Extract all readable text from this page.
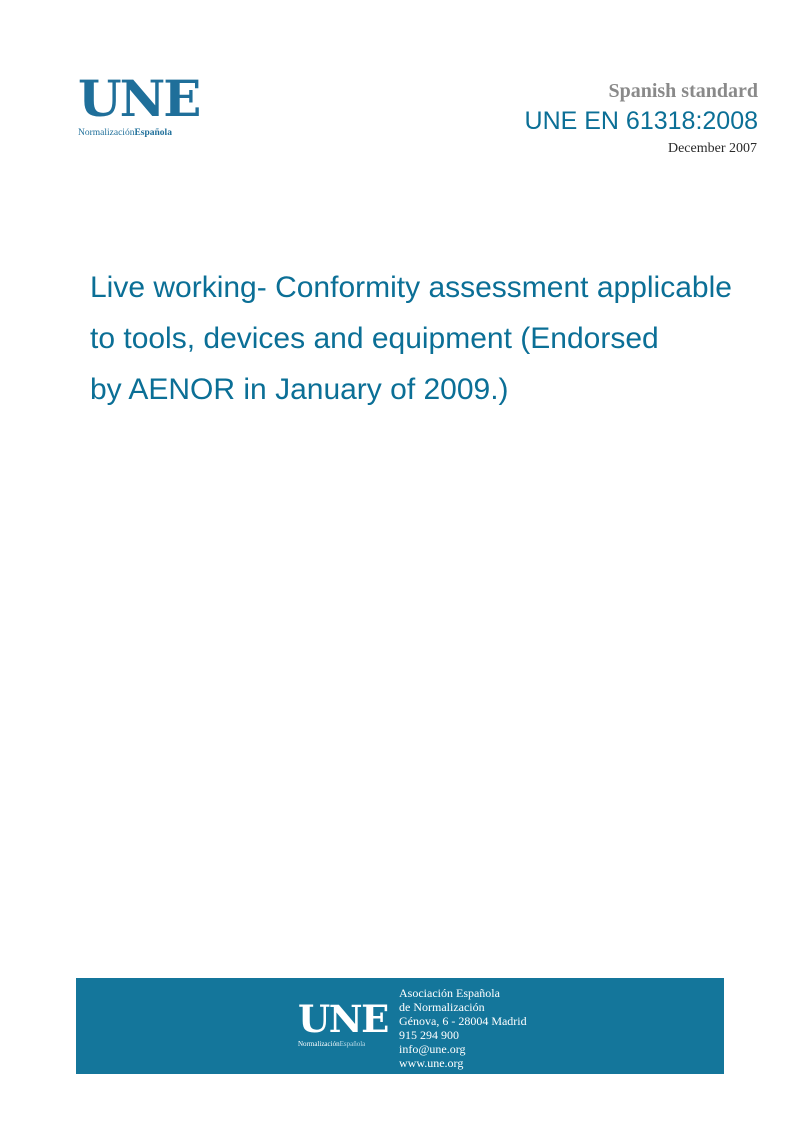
UNE
NormalizaciónEspañola
Spanish standard
UNE EN 61318:2008
December 2007
Live working- Conformity assessment applicable
to tools, devices and equipment (Endorsed
by AENOR in January of 2009.)
UNE
NormalizaciónEspañola
Asociación Española
de Normalización
Génova, 6 - 28004 Madrid
915 294 900
info@une.org
www.une.org
